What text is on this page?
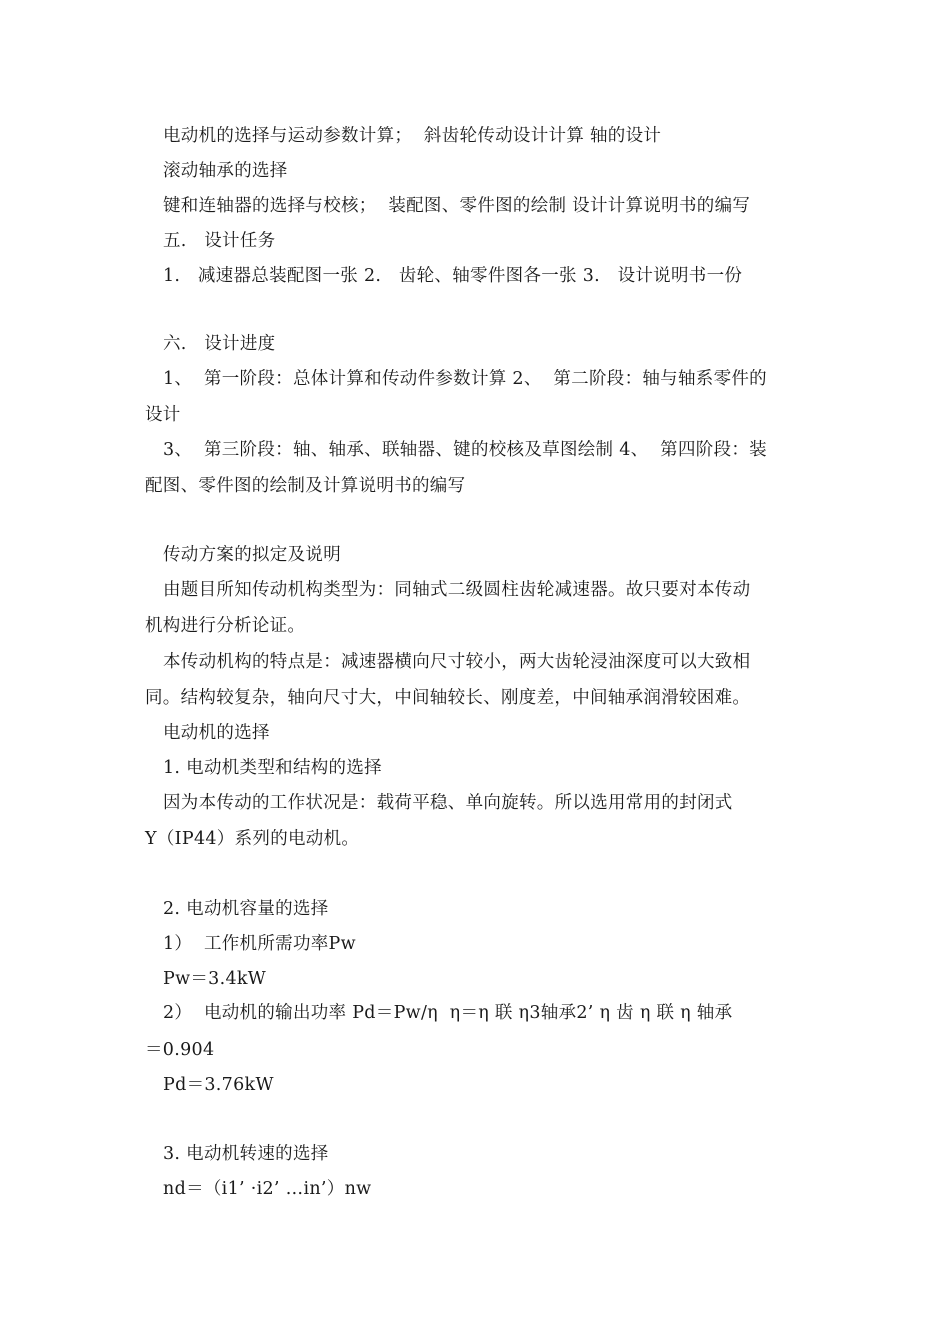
电动机的选择与运动参数计算；  斜齿轮传动设计计算 轴的设计
滚动轴承的选择
键和连轴器的选择与校核；  装配图、零件图的绘制 设计计算说明书的编写
五.   设计任务
1.   减速器总装配图一张 2.   齿轮、轴零件图各一张 3.   设计说明书一份
六.   设计进度
1、  第一阶段：总体计算和传动件参数计算 2、  第二阶段：轴与轴系零件的
设计
3、  第三阶段：轴、轴承、联轴器、键的校核及草图绘制 4、  第四阶段：装
配图、零件图的绘制及计算说明书的编写
传动方案的拟定及说明
由题目所知传动机构类型为：同轴式二级圆柱齿轮减速器。故只要对本传动
机构进行分析论证。
本传动机构的特点是：减速器横向尺寸较小，两大齿轮浸油深度可以大致相
同。结构较复杂，轴向尺寸大，中间轴较长、刚度差，中间轴承润滑较困难。
电动机的选择
1. 电动机类型和结构的选择
因为本传动的工作状况是：载荷平稳、单向旋转。所以选用常用的封闭式
Y（IP44）系列的电动机。
2. 电动机容量的选择
1）  工作机所需功率Pw
Pw＝3.4kW
2）  电动机的输出功率 Pd＝Pw/η  η＝η 联 η3轴承2’ η 齿 η 联 η 轴承
＝0.904
Pd＝3.76kW
3. 电动机转速的选择
nd＝（i1’ ·i2’ …in’）nw
